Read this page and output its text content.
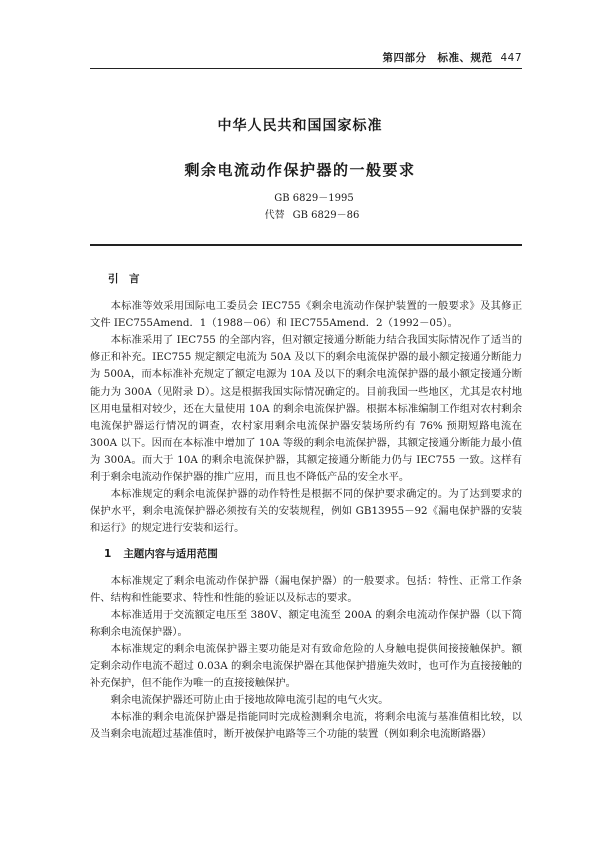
第四部分　标准、规范 447
中华人民共和国国家标准
剩余电流动作保护器的一般要求
GB 6829－1995
代替 GB 6829－86
引　言

本标准等效采用国际电工委员会 IEC755《剩余电流动作保护装置的一般要求》及其修正文件 IEC755Amend．1（1988－06）和 IEC755Amend．2（1992－05）。

本标准采用了 IEC755 的全部内容，但对额定接通分断能力结合我国实际情况作了适当的修正和补充。IEC755 规定额定电流为 50A 及以下的剩余电流保护器的最小额定接通分断能力为 500A，而本标准补充规定了额定电源为 10A 及以下的剩余电流保护器的最小额定接通分断能力为 300A（见附录 D）。这是根据我国实际情况确定的。目前我国一些地区，尤其是农村地区用电量相对较少，还在大量使用 10A 的剩余电流保护器。根据本标准编制工作组对农村剩余电流保护器运行情况的调查，农村家用剩余电流保护器安装场所约有 76% 预期短路电流在 300A 以下。因而在本标准中增加了 10A 等级的剩余电流保护器，其额定接通分断能力最小值为 300A。而大于 10A 的剩余电流保护器，其额定接通分断能力仍与 IEC755 一致。这样有利于剩余电流动作保护器的推广应用，而且也不降低产品的安全水平。

本标准规定的剩余电流保护器的动作特性是根据不同的保护要求确定的。为了达到要求的保护水平，剩余电流保护器必须按有关的安装规程，例如 GB13955－92《漏电保护器的安装和运行》的规定进行安装和运行。

1 主题内容与适用范围

本标准规定了剩余电流动作保护器（漏电保护器）的一般要求。包括：特性、正常工作条件、结构和性能要求、特性和性能的验证以及标志的要求。

本标准适用于交流额定电压至 380V、额定电流至 200A 的剩余电流动作保护器（以下简称剩余电流保护器）。

本标准规定的剩余电流保护器主要功能是对有致命危险的人身触电提供间接接触保护。额定剩余动作电流不超过 0.03A 的剩余电流保护器在其他保护措施失效时，也可作为直接接触的补充保护，但不能作为唯一的直接接触保护。

剩余电流保护器还可防止由于接地故障电流引起的电气火灾。

本标准的剩余电流保护器是指能同时完成检测剩余电流，将剩余电流与基准值相比较，以及当剩余电流超过基准值时，断开被保护电路等三个功能的装置（例如剩余电流断路器）
